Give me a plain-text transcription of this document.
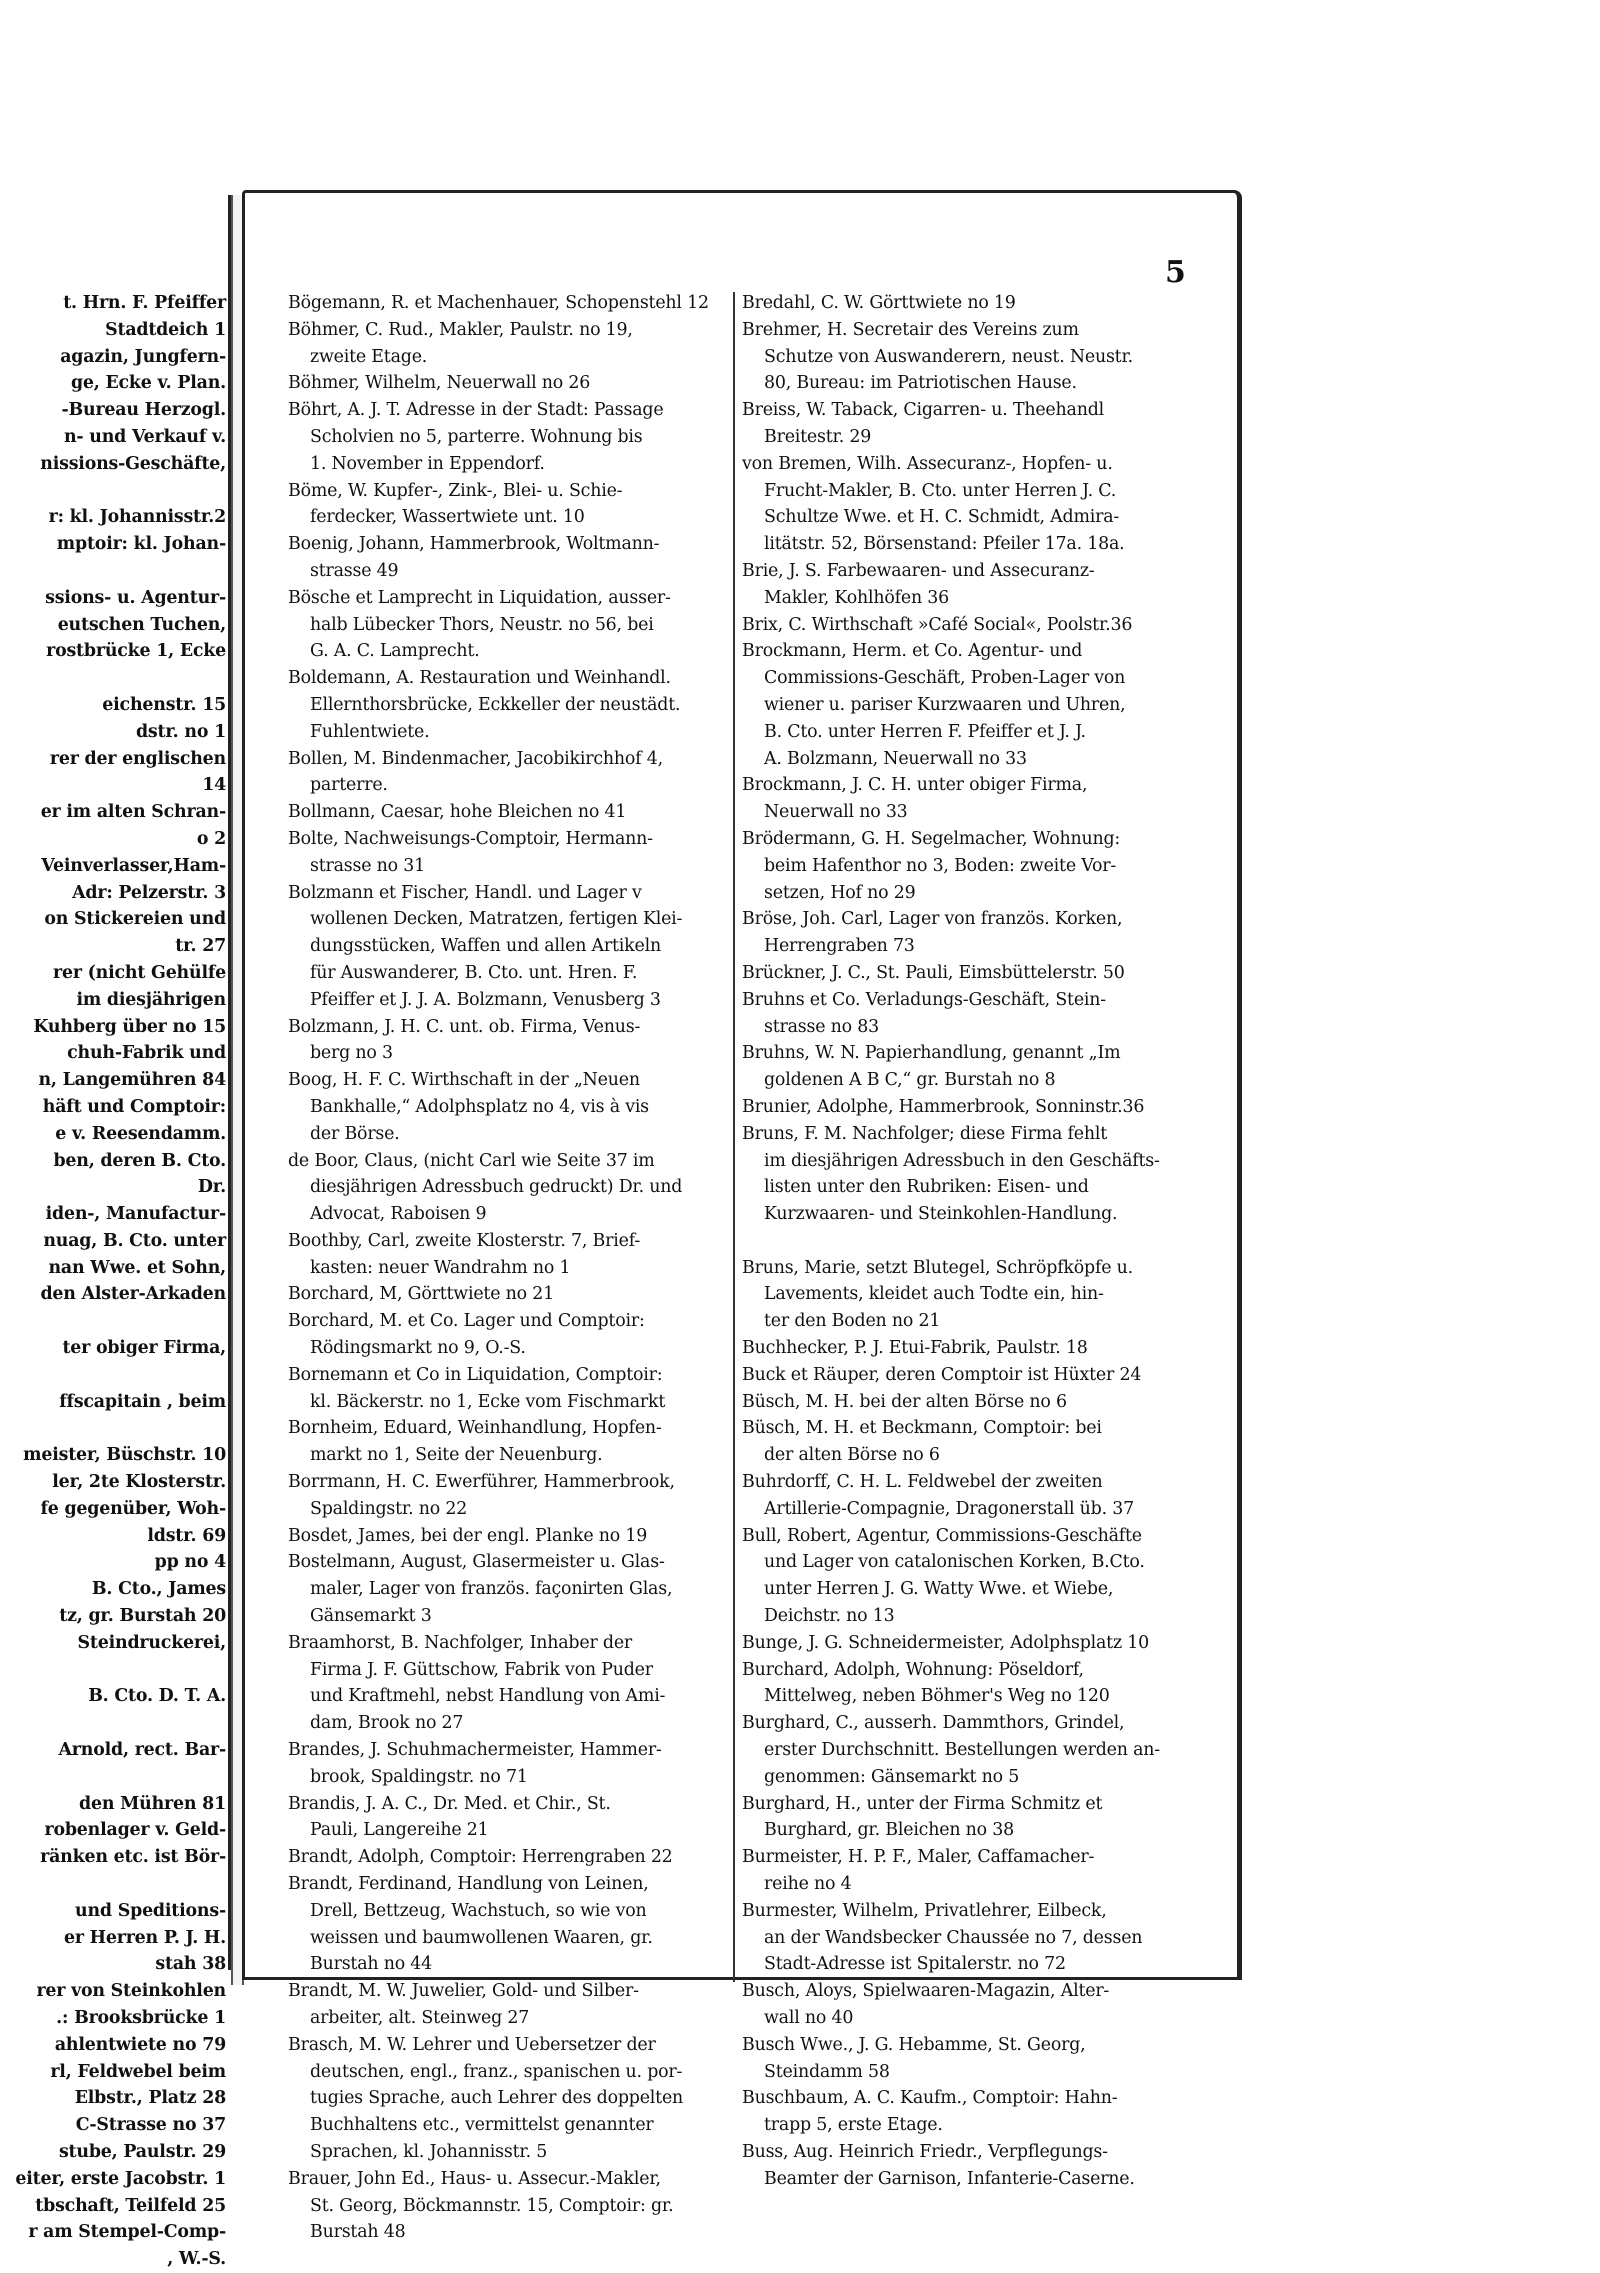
t. Hrn. F. Pfeiffer
Stadtdeich 1
agazin, Jungfern-
ge, Ecke v. Plan.
-Bureau Herzogl.
n- und Verkauf v.
nissions-Geschäfte,
r: kl. Johannisstr.2
mptoir: kl. Johan-
ssions- u. Agentur-
eutschen Tuchen,
rostbrücke 1, Ecke
eichenstr. 15
dstr. no 1
rer der englischen
14
er im alten Schran-
o 2
Veinverlasser,Ham-
Adr: Pelzerstr. 3
on Stickereien und
tr. 27
rer (nicht Gehülfe
im diesjährigen
Kuhberg über no 15
chuh-Fabrik und
n, Langemühren 84
häft und Comptoir:
e v. Reesendamm.
ben, deren B. Cto.
Dr.
iden-, Manufactur-
nuag, B. Cto. unter
nan Wwe. et Sohn,
den Alster-Arkaden
ter obiger Firma,
ffscapitain , beim
meister, Büschstr. 10
ler, 2te Klosterstr.
fe gegenüber, Woh-
ldstr. 69
pp no 4
B. Cto., James
tz, gr. Burstah 20
Steindruckerei,
B. Cto. D. T. A.
Arnold, rect. Bar-
den Mühren 81
robenlager v. Geld-
ränken etc. ist Bör-
und Speditions-
er Herren P. J. H.
stah 38
rer von Steinkohlen
.: Brooksbrücke 1
ahlentwiete no 79
rl, Feldwebel beim
Elbstr., Platz 28
C-Strasse no 37
stube, Paulstr. 29
eiter, erste Jacobstr. 1
tbschaft, Teilfeld 25
r am Stempel-Comp-
, W.-S.
5
Bögemann, R. et Machenhauer, Schopenstehl 12
Böhmer, C. Rud., Makler, Paulstr. no 19,
zweite Etage.
Böhmer, Wilhelm, Neuerwall no 26
Böhrt, A. J. T. Adresse in der Stadt: Passage
Scholvien no 5, parterre. Wohnung bis
1. November in Eppendorf.
Böme, W. Kupfer-, Zink-, Blei- u. Schie-
ferdecker, Wassertwiete unt. 10
Boenig, Johann, Hammerbrook, Woltmann-
strasse 49
Bösche et Lamprecht in Liquidation, ausser-
halb Lübecker Thors, Neustr. no 56, bei
G. A. C. Lamprecht.
Boldemann, A. Restauration und Weinhandl.
Ellernthorsbrücke, Eckkeller der neustädt.
Fuhlentwiete.
Bollen, M. Bindenmacher, Jacobikirchhof 4,
parterre.
Bollmann, Caesar, hohe Bleichen no 41
Bolte, Nachweisungs-Comptoir, Hermann-
strasse no 31
Bolzmann et Fischer, Handl. und Lager v
wollenen Decken, Matratzen, fertigen Klei-
dungsstücken, Waffen und allen Artikeln
für Auswanderer, B. Cto. unt. Hren. F.
Pfeiffer et J. J. A. Bolzmann, Venusberg 3
Bolzmann, J. H. C. unt. ob. Firma, Venus-
berg no 3
Boog, H. F. C. Wirthschaft in der „Neuen
Bankhalle,“ Adolphsplatz no 4, vis à vis
der Börse.
de Boor, Claus, (nicht Carl wie Seite 37 im
diesjährigen Adressbuch gedruckt) Dr. und
Advocat, Raboisen 9
Boothby, Carl, zweite Klosterstr. 7, Brief-
kasten: neuer Wandrahm no 1
Borchard, M, Görttwiete no 21
Borchard, M. et Co. Lager und Comptoir:
Rödingsmarkt no 9, O.-S.
Bornemann et Co in Liquidation, Comptoir:
kl. Bäckerstr. no 1, Ecke vom Fischmarkt
Bornheim, Eduard, Weinhandlung, Hopfen-
markt no 1, Seite der Neuenburg.
Borrmann, H. C. Ewerführer, Hammerbrook,
Spaldingstr. no 22
Bosdet, James, bei der engl. Planke no 19
Bostelmann, August, Glasermeister u. Glas-
maler, Lager von französ. façonirten Glas,
Gänsemarkt 3
Braamhorst, B. Nachfolger, Inhaber der
Firma J. F. Güttschow, Fabrik von Puder
und Kraftmehl, nebst Handlung von Ami-
dam, Brook no 27
Brandes, J. Schuhmachermeister, Hammer-
brook, Spaldingstr. no 71
Brandis, J. A. C., Dr. Med. et Chir., St.
Pauli, Langereihe 21
Brandt, Adolph, Comptoir: Herrengraben 22
Brandt, Ferdinand, Handlung von Leinen,
Drell, Bettzeug, Wachstuch, so wie von
weissen und baumwollenen Waaren, gr.
Burstah no 44
Brandt, M. W. Juwelier, Gold- und Silber-
arbeiter, alt. Steinweg 27
Brasch, M. W. Lehrer und Uebersetzer der
deutschen, engl., franz., spanischen u. por-
tugies Sprache, auch Lehrer des doppelten
Buchhaltens etc., vermittelst genannter
Sprachen, kl. Johannisstr. 5
Brauer, John Ed., Haus- u. Assecur.-Makler,
St. Georg, Böckmannstr. 15, Comptoir: gr.
Burstah 48
Bredahl, C. W. Görttwiete no 19
Brehmer, H. Secretair des Vereins zum
Schutze von Auswanderern, neust. Neustr.
80, Bureau: im Patriotischen Hause.
Breiss, W. Taback, Cigarren- u. Theehandl
Breitestr. 29
von Bremen, Wilh. Assecuranz-, Hopfen- u.
Frucht-Makler, B. Cto. unter Herren J. C.
Schultze Wwe. et H. C. Schmidt, Admira-
litätstr. 52, Börsenstand: Pfeiler 17a. 18a.
Brie, J. S. Farbewaaren- und Assecuranz-
Makler, Kohlhöfen 36
Brix, C. Wirthschaft »Café Social«, Poolstr.36
Brockmann, Herm. et Co. Agentur- und
Commissions-Geschäft, Proben-Lager von
wiener u. pariser Kurzwaaren und Uhren,
B. Cto. unter Herren F. Pfeiffer et J. J.
A. Bolzmann, Neuerwall no 33
Brockmann, J. C. H. unter obiger Firma,
Neuerwall no 33
Brödermann, G. H. Segelmacher, Wohnung:
beim Hafenthor no 3, Boden: zweite Vor-
setzen, Hof no 29
Bröse, Joh. Carl, Lager von französ. Korken,
Herrengraben 73
Brückner, J. C., St. Pauli, Eimsbüttelerstr. 50
Bruhns et Co. Verladungs-Geschäft, Stein-
strasse no 83
Bruhns, W. N. Papierhandlung, genannt „Im
goldenen A B C,“ gr. Burstah no 8
Brunier, Adolphe, Hammerbrook, Sonninstr.36
Bruns, F. M. Nachfolger; diese Firma fehlt
im diesjährigen Adressbuch in den Geschäfts-
listen unter den Rubriken: Eisen- und
Kurzwaaren- und Steinkohlen-Handlung.
Bruns, Marie, setzt Blutegel, Schröpfköpfe u.
Lavements, kleidet auch Todte ein, hin-
ter den Boden no 21
Buchhecker, P. J. Etui-Fabrik, Paulstr. 18
Buck et Räuper, deren Comptoir ist Hüxter 24
Büsch, M. H. bei der alten Börse no 6
Büsch, M. H. et Beckmann, Comptoir: bei
der alten Börse no 6
Buhrdorff, C. H. L. Feldwebel der zweiten
Artillerie-Compagnie, Dragonerstall üb. 37
Bull, Robert, Agentur, Commissions-Geschäfte
und Lager von catalonischen Korken, B.Cto.
unter Herren J. G. Watty Wwe. et Wiebe,
Deichstr. no 13
Bunge, J. G. Schneidermeister, Adolphsplatz 10
Burchard, Adolph, Wohnung: Pöseldorf,
Mittelweg, neben Böhmer's Weg no 120
Burghard, C., ausserh. Dammthors, Grindel,
erster Durchschnitt. Bestellungen werden an-
genommen: Gänsemarkt no 5
Burghard, H., unter der Firma Schmitz et
Burghard, gr. Bleichen no 38
Burmeister, H. P. F., Maler, Caffamacher-
reihe no 4
Burmester, Wilhelm, Privatlehrer, Eilbeck,
an der Wandsbecker Chaussée no 7, dessen
Stadt-Adresse ist Spitalerstr. no 72
Busch, Aloys, Spielwaaren-Magazin, Alter-
wall no 40
Busch Wwe., J. G. Hebamme, St. Georg,
Steindamm 58
Buschbaum, A. C. Kaufm., Comptoir: Hahn-
trapp 5, erste Etage.
Buss, Aug. Heinrich Friedr., Verpflegungs-
Beamter der Garnison, Infanterie-Caserne.
